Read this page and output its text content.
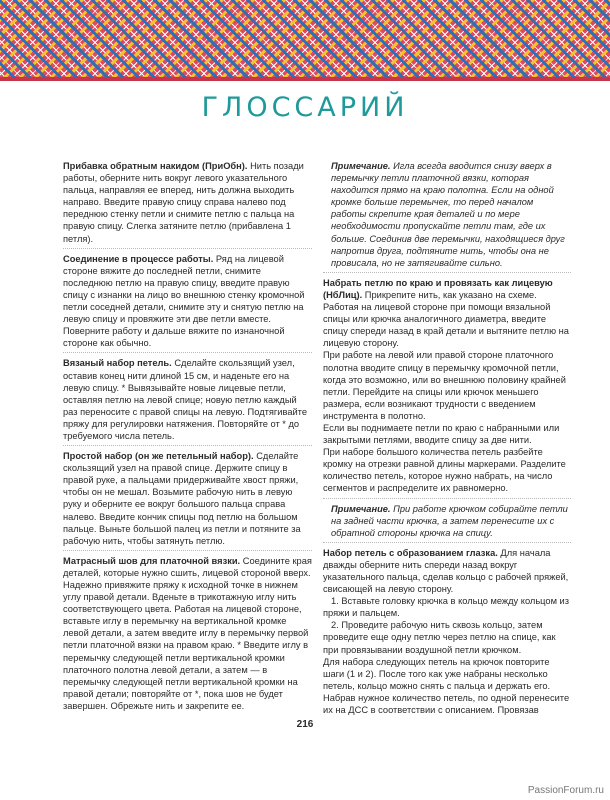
ГЛОССАРИЙ

Прибавка обратным накидом (ПриОбн). Нить позади работы, оберните нить вокруг левого указательного пальца, направляя ее вперед, нить должна выходить направо. Введите правую спицу справа налево под переднюю стенку петли и снимите петлю с пальца на правую спицу. Слегка затяните петлю (прибавлена 1 петля).

Соединение в процессе работы. Ряд на лицевой стороне вяжите до последней петли, снимите последнюю петлю на правую спицу, введите правую спицу с изнанки на лицо во внешнюю стенку кромочной петли соседней детали, снимите эту и снятую петлю на левую спицу и провяжите эти две петли вместе. Поверните работу и дальше вяжите по изнаночной стороне как обычно.

Вязаный набор петель. Сделайте скользящий узел, оставив конец нити длиной 15 см, и наденьте его на левую спицу. * Вывязывайте новые лицевые петли, оставляя петлю на левой спице; новую петлю каждый раз переносите с правой спицы на левую. Подтягивайте пряжу для регулировки натяжения. Повторяйте от * до требуемого числа петель.

Простой набор (он же петельный набор). Сделайте скользящий узел на правой спице. Держите спицу в правой руке, а пальцами придерживайте хвост пряжи, чтобы он не мешал. Возьмите рабочую нить в левую руку и оберните ее вокруг большого пальца справа налево. Введите кончик спицы под петлю на большом пальце. Выньте большой палец из петли и потяните за рабочую нить, чтобы затянуть петлю.

Матрасный шов для платочной вязки. Соедините края деталей, которые нужно сшить, лицевой стороной вверх. Надежно привяжите пряжу к исходной точке в нижнем углу правой детали. Вденьте в трикотажную иглу нить соответствующего цвета. Работая на лицевой стороне, вставьте иглу в перемычку на вертикальной кромке левой детали, а затем введите иглу в перемычку первой петли платочной вязки на правом краю. * Введите иглу в перемычку следующей петли вертикальной кромки платочного полотна левой детали, а затем — в перемычку следующей петли вертикальной кромки на правой детали; повторяйте от *, пока шов не будет завершен. Обрежьте нить и закрепите ее.

Примечание. Игла всегда вводится снизу вверх в перемычку петли платочной вязки, которая находится прямо на краю полотна. Если на одной кромке больше перемычек, то перед началом работы скрепите края деталей и по мере необходимости пропускайте петли там, где их больше. Соединив две перемычки, находящиеся друг напротив друга, подтяните нить, чтобы она не провисала, но не затягивайте сильно.

Набрать петлю по краю и провязать как лицевую (НбЛиц). Прикрепите нить, как указано на схеме. Работая на лицевой стороне при помощи вязальной спицы или крючка аналогичного диаметра, введите спицу спереди назад в край детали и вытяните петлю на лицевую сторону.

При работе на левой или правой стороне платочного полотна вводите спицу в перемычку кромочной петли, когда это возможно, или во внешнюю половину крайней петли. Перейдите на спицы или крючок меньшего размера, если возникают трудности с введением инструмента в полотно.

Если вы поднимаете петли по краю с набранными или закрытыми петлями, вводите спицу за две нити.

При наборе большого количества петель разбейте кромку на отрезки равной длины маркерами. Разделите количество петель, которое нужно набрать, на число сегментов и распределите их равномерно.

Примечание. При работе крючком собирайте петли на задней части крючка, а затем перенесите их с обратной стороны крючка на спицу.

Набор петель с образованием глазка. Для начала дважды оберните нить спереди назад вокруг указательного пальца, сделав кольцо с рабочей пряжей, свисающей на левую сторону.

1. Вставьте головку крючка в кольцо между кольцом из пряжи и пальцем.

2. Проведите рабочую нить сквозь кольцо, затем проведите еще одну петлю через петлю на спице, как при провязывании воздушной петли крючком.

Для набора следующих петель на крючок повторите шаги (1 и 2). После того как уже набраны несколько петель, кольцо можно снять с пальца и держать его. Набрав нужное количество петель, по одной перенесите их на ДСС в соответствии с описанием. Провязав

216
PassionForum.ru
